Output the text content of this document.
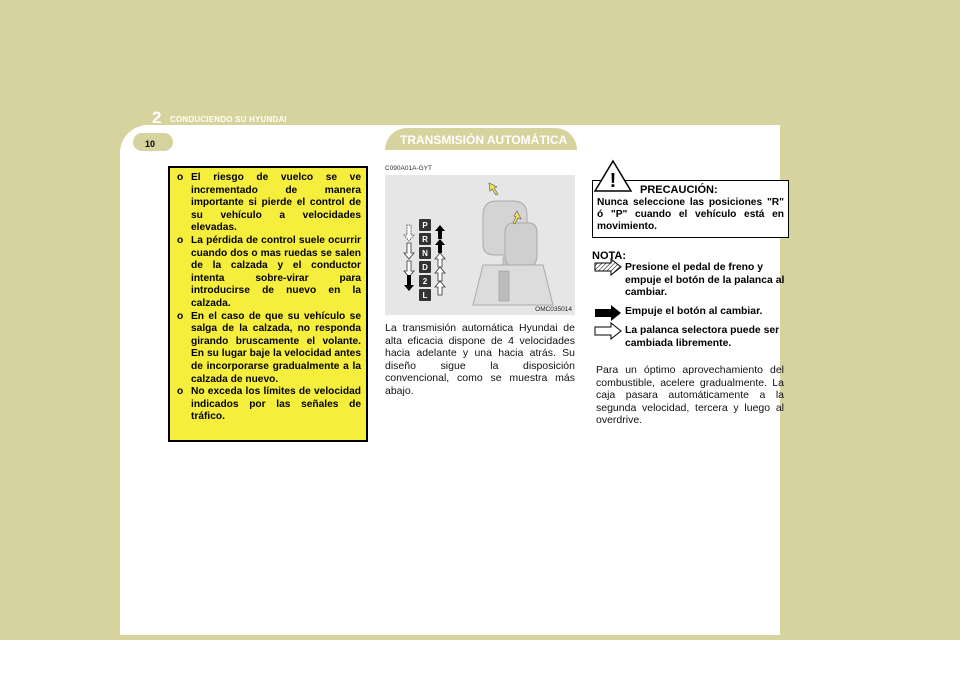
2 CONDUCIENDO SU HYUNDAI
10	TRANSMISIÓN AUTOMÁTICA
o El riesgo de vuelco se ve incrementado de manera importante si pierde el control de su vehículo a velocidades elevadas.
o La pérdida de control suele ocurrir cuando dos o mas ruedas se salen de la calzada y el conductor intenta sobre-virar para introducirse de nuevo en la calzada.
o En el caso de que su vehículo se salga de la calzada, no responda girando bruscamente el volante. En su lugar baje la velocidad antes de incorporarse gradualmente a la calzada de nuevo.
o No exceda los límites de velocidad indicados por las señales de tráfico.
C090A01A-GYT
P
R
N
D
2
L
OMC035014
La transmisión automática Hyundai de alta eficacia dispone de 4 velocidades hacia adelante y una hacia atrás. Su diseño sigue la disposición convencional, como se muestra más abajo.
! PRECAUCIÓN:
Nunca seleccione las posiciones "R" ó "P" cuando el vehículo está en movimiento.
NOTA:
Presione el pedal de freno y empuje el botón de la palanca al cambiar.
Empuje el botón al cambiar.
La palanca selectora puede ser cambiada libremente.
Para un óptimo aprovechamiento del combustible, acelere gradualmente. La caja pasara automáticamente a la segunda velocidad, tercera y luego al overdrive.
